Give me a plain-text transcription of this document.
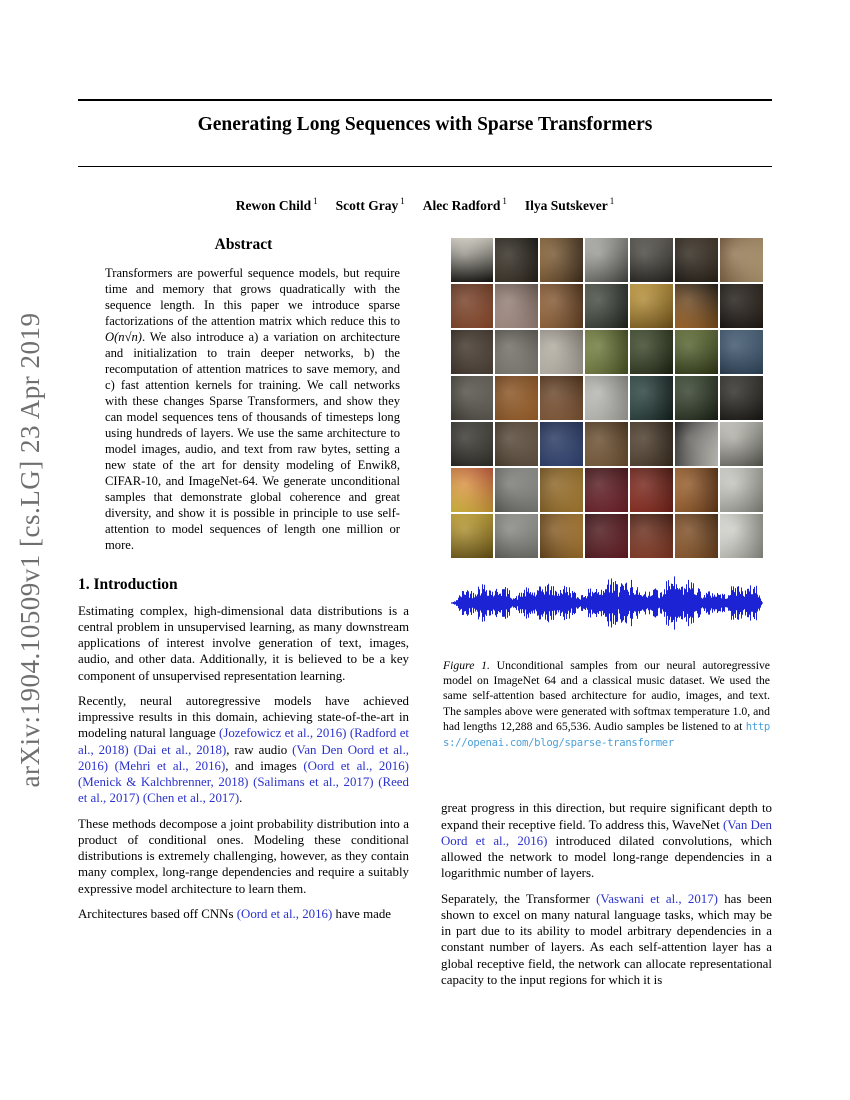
arXiv:1904.10509v1 [cs.LG] 23 Apr 2019
Generating Long Sequences with Sparse Transformers
Rewon Child $^1$ Scott Gray $^1$ Alec Radford $^1$ Ilya Sutskever $^1$
Abstract

Transformers are powerful sequence models, but require time and memory that grows quadratically with the sequence length. In this paper we introduce sparse factorizations of the attention matrix which reduce this to O(n√n). We also introduce a) a variation on architecture and initialization to train deeper networks, b) the recomputation of attention matrices to save memory, and c) fast attention kernels for training. We call networks with these changes Sparse Transformers, and show they can model sequences tens of thousands of timesteps long using hundreds of layers. We use the same architecture to model images, audio, and text from raw bytes, setting a new state of the art for density modeling of Enwik8, CIFAR-10, and ImageNet-64. We generate unconditional samples that demonstrate global coherence and great diversity, and show it is possible in principle to use self-attention to model sequences of length one million or more.

1. Introduction

Estimating complex, high-dimensional data distributions is a central problem in unsupervised learning, as many downstream applications of interest involve generation of text, images, audio, and other data. Additionally, it is believed to be a key component of unsupervised representation learning.

Recently, neural autoregressive models have achieved impressive results in this domain, achieving state-of-the-art in modeling natural language (Jozefowicz et al., 2016) (Radford et al., 2018) (Dai et al., 2018), raw audio (Van Den Oord et al., 2016) (Mehri et al., 2016), and images (Oord et al., 2016) (Menick & Kalchbrenner, 2018) (Salimans et al., 2017) (Reed et al., 2017) (Chen et al., 2017).

These methods decompose a joint probability distribution into a product of conditional ones. Modeling these conditional distributions is extremely challenging, however, as they contain many complex, long-range dependencies and require a suitably expressive model architecture to learn them.

Architectures based off CNNs (Oord et al., 2016) have made

Figure 1. Unconditional samples from our neural autoregressive model on ImageNet 64 and a classical music dataset. We used the same self-attention based architecture for audio, images, and text. The samples above were generated with softmax temperature 1.0, and had lengths 12,288 and 65,536. Audio samples be listened to at https://openai.com/blog/sparse-transformer

great progress in this direction, but require significant depth to expand their receptive field. To address this, WaveNet (Van Den Oord et al., 2016) introduced dilated convolutions, which allowed the network to model long-range dependencies in a logarithmic number of layers.

Separately, the Transformer (Vaswani et al., 2017) has been shown to excel on many natural language tasks, which may be in part due to its ability to model arbitrary dependencies in a constant number of layers. As each self-attention layer has a global receptive field, the network can allocate representational capacity to the input regions for which it is
